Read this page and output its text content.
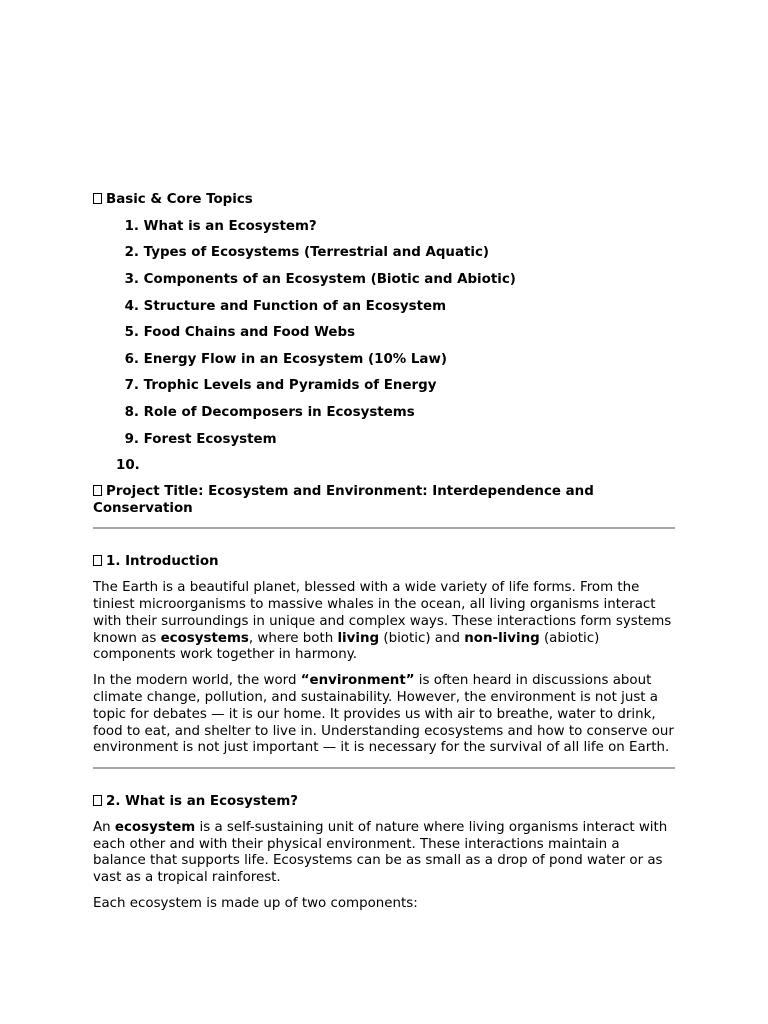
Basic & Core Topics
1.
What is an Ecosystem?
2.
Types of Ecosystems (Terrestrial and Aquatic)
3.
Components of an Ecosystem (Biotic and Abiotic)
4.
Structure and Function of an Ecosystem
5.
Food Chains and Food Webs
6.
Energy Flow in an Ecosystem (10% Law)
7.
Trophic Levels and Pyramids of Energy
8.
Role of Decomposers in Ecosystems
9.
Forest Ecosystem
10.

Project Title: Ecosystem and Environment: Interdependence and Conservation
1. Introduction

The Earth is a beautiful planet, blessed with a wide variety of life forms. From the tiniest microorganisms to massive whales in the ocean, all living organisms interact with their surroundings in unique and complex ways. These interactions form systems known as ecosystems, where both living (biotic) and non-living (abiotic) components work together in harmony.

In the modern world, the word “environment” is often heard in discussions about climate change, pollution, and sustainability. However, the environment is not just a topic for debates — it is our home. It provides us with air to breathe, water to drink, food to eat, and shelter to live in. Understanding ecosystems and how to conserve our environment is not just important — it is necessary for the survival of all life on Earth.

2. What is an Ecosystem?

An ecosystem is a self-sustaining unit of nature where living organisms interact with each other and with their physical environment. These interactions maintain a balance that supports life. Ecosystems can be as small as a drop of pond water or as vast as a tropical rainforest.

Each ecosystem is made up of two components:
